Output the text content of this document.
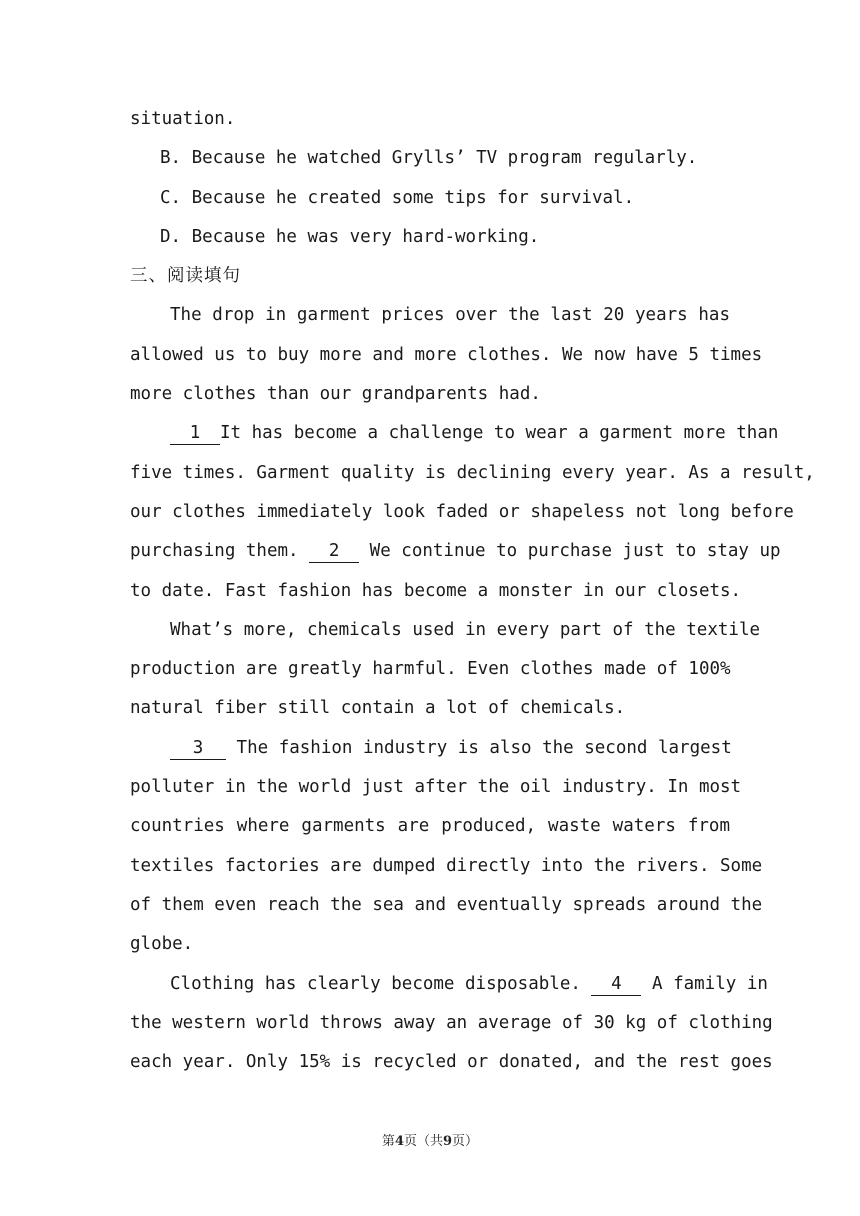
situation.
B. Because he watched Grylls’ TV program regularly.
C. Because he created some tips for survival.
D. Because he was very hard-working.
三、阅读填句
The drop in garment prices over the last 20 years has
allowed us to buy more and more clothes. We now have 5 times
more clothes than our grandparents had.
1 It has become a challenge to wear a garment more than
five times. Garment quality is declining every year. As a result,
our clothes immediately look faded or shapeless not long before
purchasing them. 2 We continue to purchase just to stay up
to date. Fast fashion has become a monster in our closets.
What’s more, chemicals used in every part of the textile
production are greatly harmful. Even clothes made of 100%
natural fiber still contain a lot of chemicals.
3 The fashion industry is also the second largest
polluter in the world just after the oil industry. In most
countries where garments are produced, waste waters from
textiles factories are dumped directly into the rivers. Some
of them even reach the sea and eventually spreads around the
globe.
Clothing has clearly become disposable. 4 A family in
the western world throws away an average of 30 kg of clothing
each year. Only 15% is recycled or donated, and the rest goes
第4页（共9页）
